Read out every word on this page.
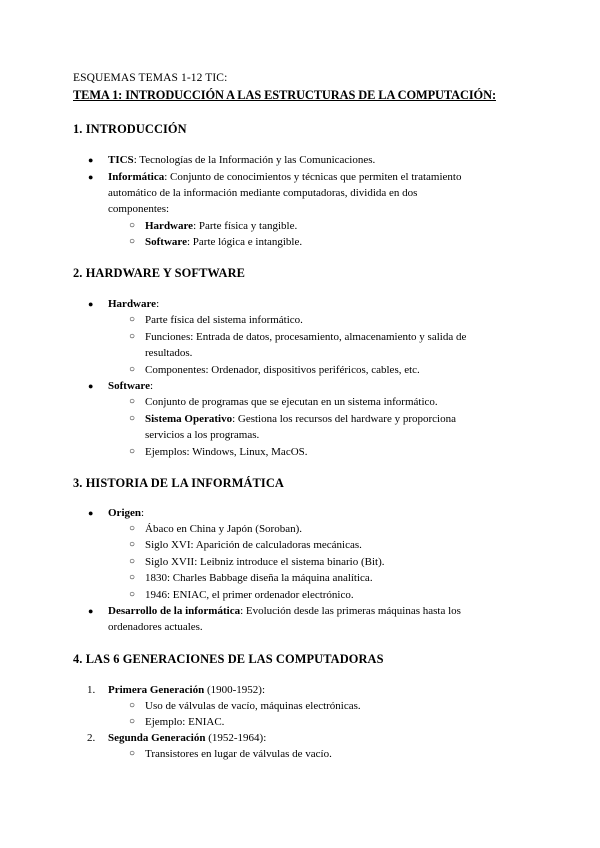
ESQUEMAS TEMAS 1-12 TIC:
TEMA 1: INTRODUCCIÓN A LAS ESTRUCTURAS DE LA COMPUTACIÓN:
1. INTRODUCCIÓN
● TICS: Tecnologías de la Información y las Comunicaciones.
● Informática: Conjunto de conocimientos y técnicas que permiten el tratamiento
automático de la información mediante computadoras, dividida en dos
componentes:
○ Hardware: Parte física y tangible.
○ Software: Parte lógica e intangible.
2. HARDWARE Y SOFTWARE
● Hardware:
○ Parte física del sistema informático.
○ Funciones: Entrada de datos, procesamiento, almacenamiento y salida de
resultados.
○ Componentes: Ordenador, dispositivos periféricos, cables, etc.
● Software:
○ Conjunto de programas que se ejecutan en un sistema informático.
○ Sistema Operativo: Gestiona los recursos del hardware y proporciona
servicios a los programas.
○ Ejemplos: Windows, Linux, MacOS.
3. HISTORIA DE LA INFORMÁTICA
● Origen:
○ Ábaco en China y Japón (Soroban).
○ Siglo XVI: Aparición de calculadoras mecánicas.
○ Siglo XVII: Leibniz introduce el sistema binario (Bit).
○ 1830: Charles Babbage diseña la máquina analítica.
○ 1946: ENIAC, el primer ordenador electrónico.
● Desarrollo de la informática: Evolución desde las primeras máquinas hasta los
ordenadores actuales.
4. LAS 6 GENERACIONES DE LAS COMPUTADORAS
1. Primera Generación (1900-1952):
○ Uso de válvulas de vacío, máquinas electrónicas.
○ Ejemplo: ENIAC.
2. Segunda Generación (1952-1964):
○ Transistores en lugar de válvulas de vacío.
